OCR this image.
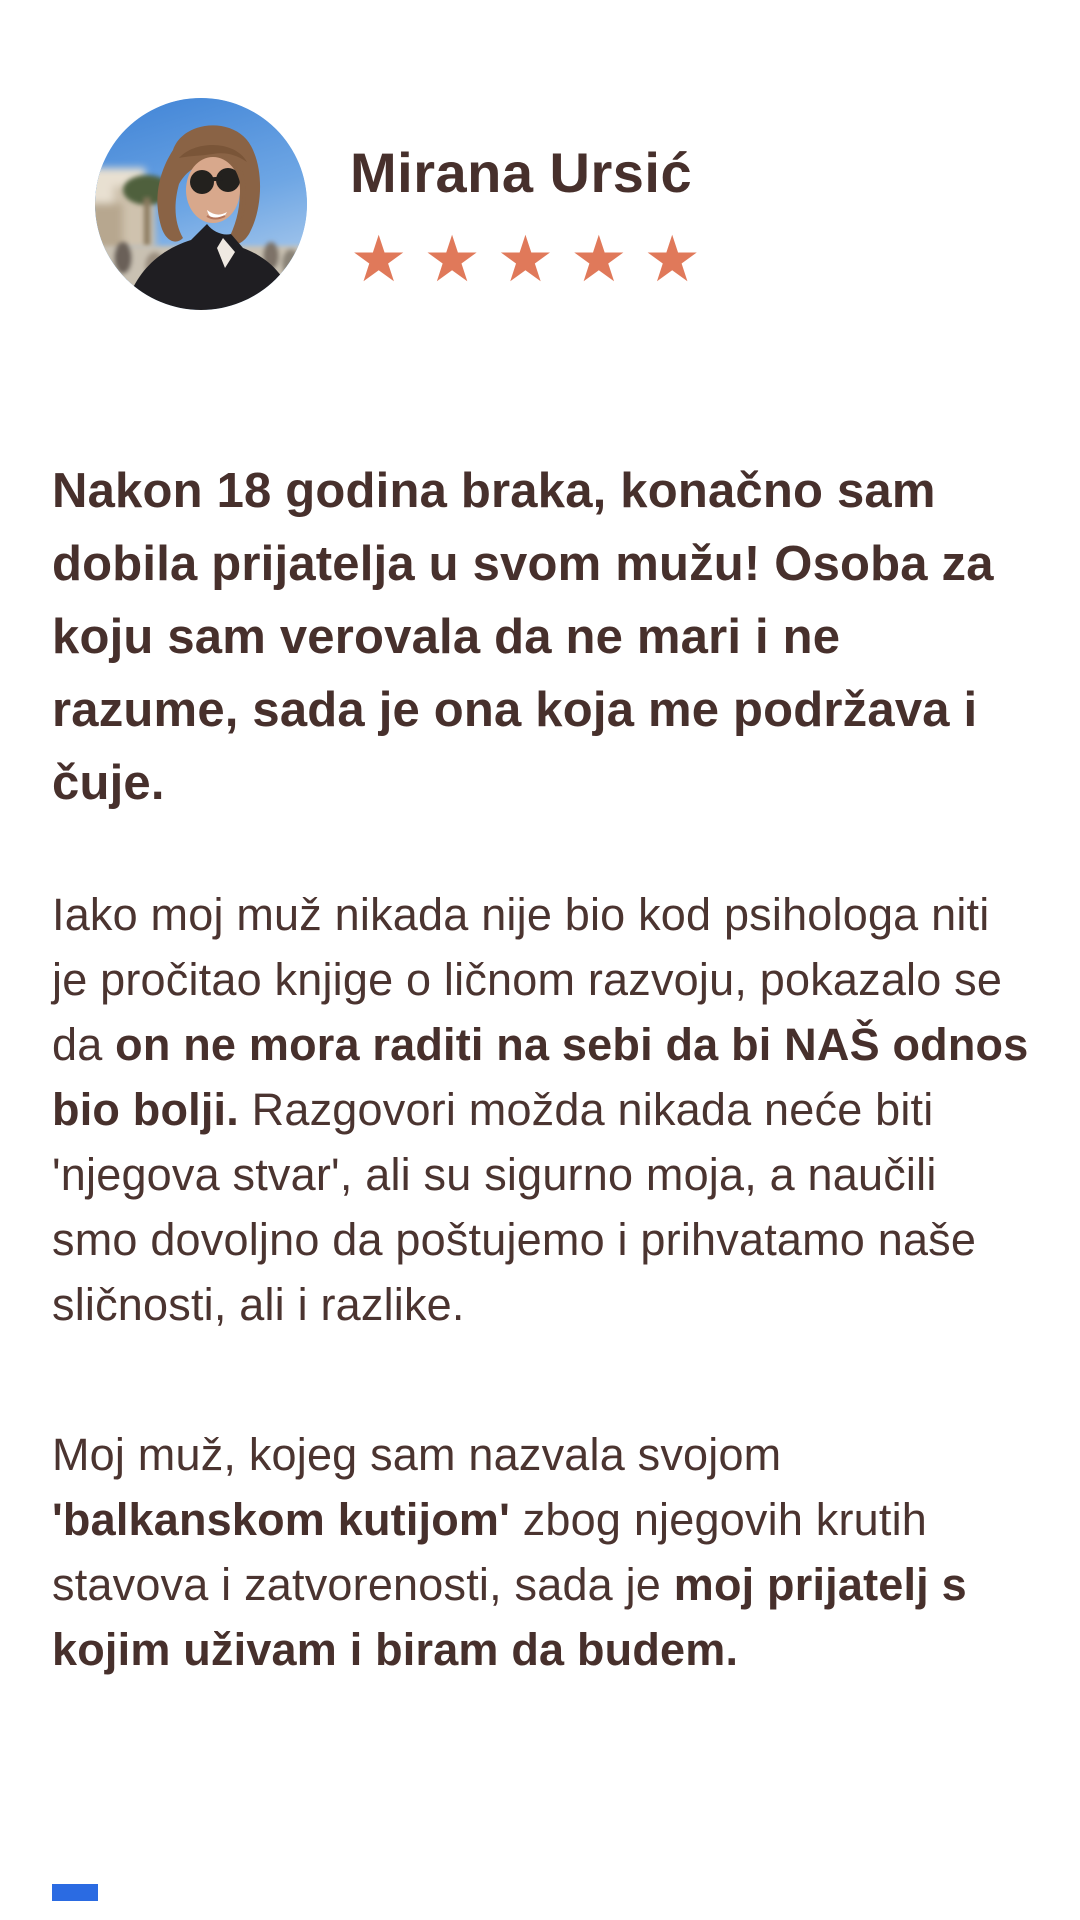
Mirana Ursić
★★★★★

Nakon 18 godina braka, konačno sam dobila prijatelja u svom mužu! Osoba za koju sam verovala da ne mari i ne razume, sada je ona koja me podržava i čuje.

Iako moj muž nikada nije bio kod psihologa niti je pročitao knjige o ličnom razvoju, pokazalo se da on ne mora raditi na sebi da bi NAŠ odnos bio bolji. Razgovori možda nikada neće biti 'njegova stvar', ali su sigurno moja, a naučili smo dovoljno da poštujemo i prihvatamo naše sličnosti, ali i razlike.

Moj muž, kojeg sam nazvala svojom 'balkanskom kutijom' zbog njegovih krutih stavova i zatvorenosti, sada je moj prijatelj s kojim uživam i biram da budem.
